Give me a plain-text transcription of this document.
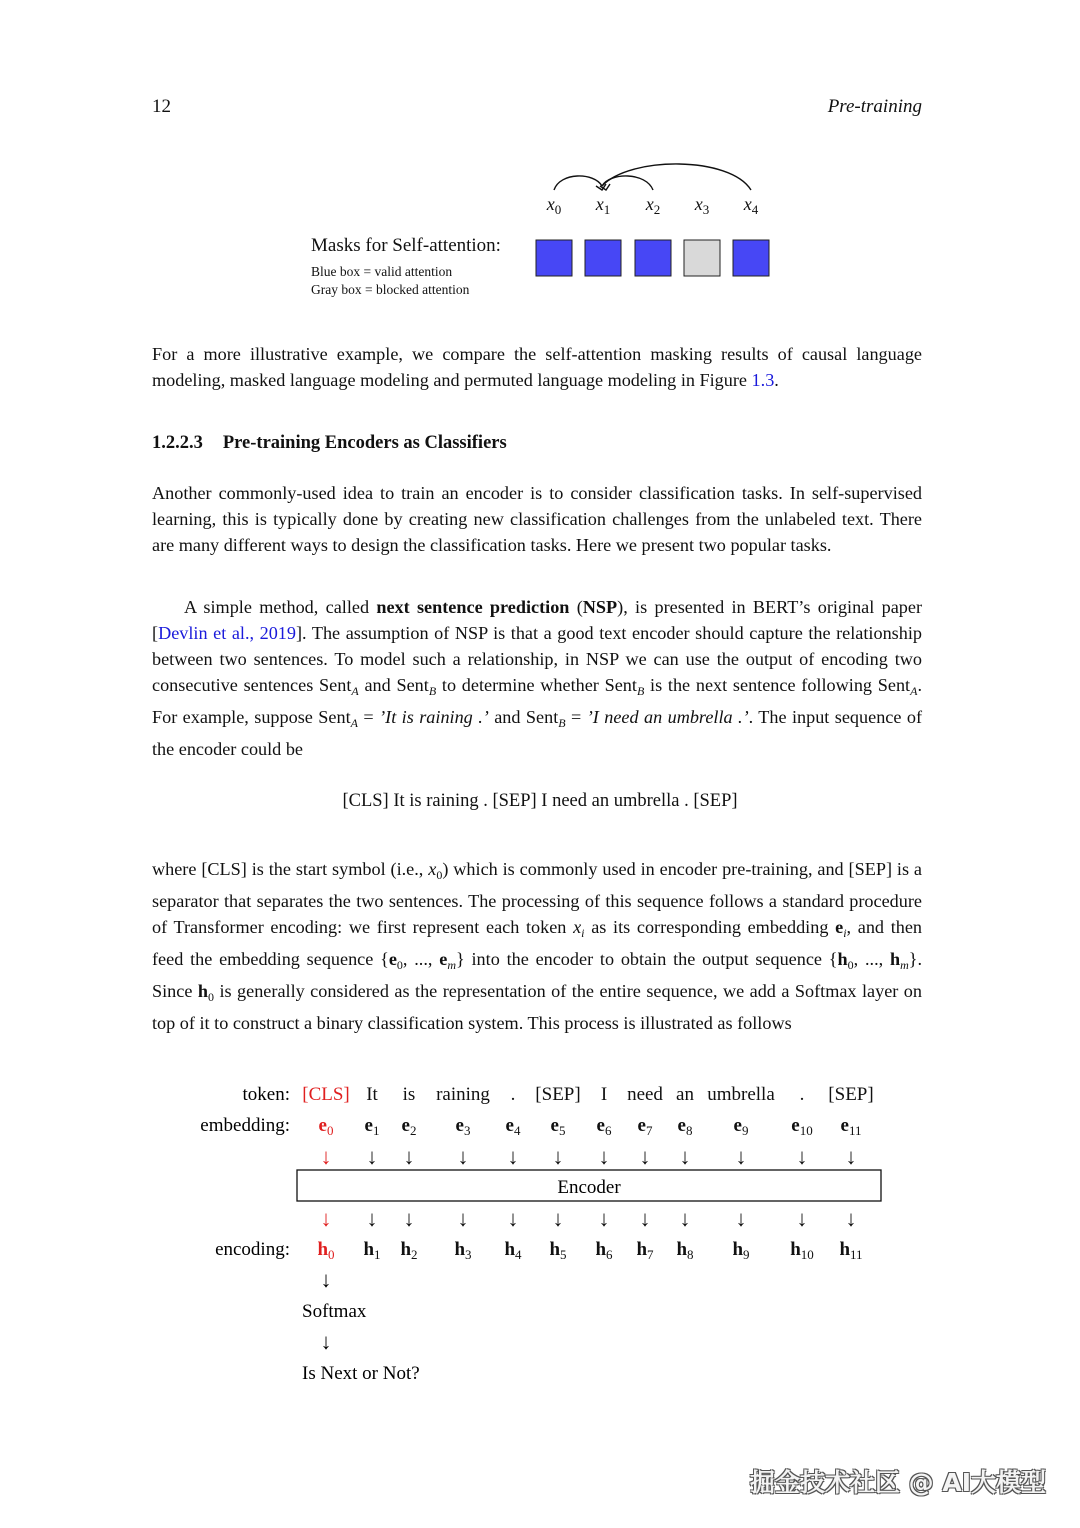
12	Pre-training
$x_0$ $x_1$ $x_2$ $x_3$ $x_4$
Masks for Self-attention:
Blue box = valid attention
Gray box = blocked attention
For a more illustrative example, we compare the self-attention masking results of causal language modeling, masked language modeling and permuted language modeling in Figure 1.3.
1.2.2.3 Pre-training Encoders as Classifiers
Another commonly-used idea to train an encoder is to consider classification tasks. In self-supervised learning, this is typically done by creating new classification challenges from the unlabeled text. There are many different ways to design the classification tasks. Here we present two popular tasks.
A simple method, called next sentence prediction (NSP), is presented in BERT’s original paper [Devlin et al., 2019]. The assumption of NSP is that a good text encoder should capture the relationship between two sentences. To model such a relationship, in NSP we can use the output of encoding two consecutive sentences Sent$_A$ and Sent$_B$ to determine whether Sent$_B$ is the next sentence following Sent$_A$. For example, suppose Sent$_A$ = ’It is raining .’ and Sent$_B$ = ’I need an umbrella .’. The input sequence of the encoder could be
[CLS] It is raining . [SEP] I need an umbrella . [SEP]
where [CLS] is the start symbol (i.e., $x_0$) which is commonly used in encoder pre-training, and [SEP] is a separator that separates the two sentences. The processing of this sequence follows a standard procedure of Transformer encoding: we first represent each token $x_i$ as its corresponding embedding $e_i$, and then feed the embedding sequence {$e_0$, ..., $e_m$} into the encoder to obtain the output sequence {$h_0$, ..., $h_m$}. Since $h_0$ is generally considered as the representation of the entire sequence, we add a Softmax layer on top of it to construct a binary classification system. This process is illustrated as follows
token:
embedding:
encoding:
Encoder
[CLS]
$e_0$
↓
↓
$h_0$
It
$e_1$
↓
↓
$h_1$
is
$e_2$
↓
↓
$h_2$
raining
$e_3$
↓
↓
$h_3$
.
$e_4$
↓
↓
$h_4$
[SEP]
$e_5$
↓
↓
$h_5$
I
$e_6$
↓
↓
$h_6$
need
$e_7$
↓
↓
$h_7$
an
$e_8$
↓
↓
$h_8$
umbrella
$e_9$
↓
↓
$h_9$
.
$e_{10}$
↓
↓
$h_{10}$
[SEP]
$e_{11}$
↓
↓
$h_{11}$
↓
Softmax
↓
Is Next or Not?
掘金技术社区 @ AI大模型
